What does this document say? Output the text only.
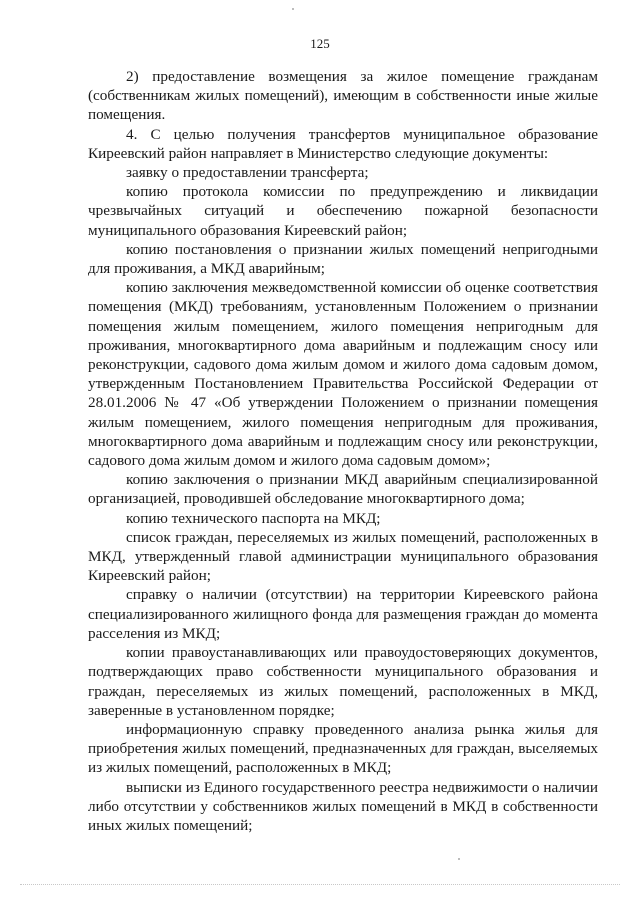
125

2) предоставление возмещения за жилое помещение гражданам (собственникам жилых помещений), имеющим в собственности иные жилые помещения.

4. С целью получения трансфертов муниципальное образование Киреевский район направляет в Министерство следующие документы:

заявку о предоставлении трансферта;

копию протокола комиссии по предупреждению и ликвидации чрезвычайных ситуаций и обеспечению пожарной безопасности муниципального образования Киреевский район;

копию постановления о признании жилых помещений непригодными для проживания, а МКД аварийным;

копию заключения межведомственной комиссии об оценке соответствия помещения (МКД) требованиям, установленным Положением о признании помещения жилым помещением, жилого помещения непригодным для проживания, многоквартирного дома аварийным и подлежащим сносу или реконструкции, садового дома жилым домом и жилого дома садовым домом, утвержденным Постановлением Правительства Российской Федерации от 28.01.2006 № 47 «Об утверждении Положением о признании помещения жилым помещением, жилого помещения непригодным для проживания, многоквартирного дома аварийным и подлежащим сносу или реконструкции, садового дома жилым домом и жилого дома садовым домом»;

копию заключения о признании МКД аварийным специализированной организацией, проводившей обследование многоквартирного дома;

копию технического паспорта на МКД;

список граждан, переселяемых из жилых помещений, расположенных в МКД, утвержденный главой администрации муниципального образования Киреевский район;

справку о наличии (отсутствии) на территории Киреевского района специализированного жилищного фонда для размещения граждан до момента расселения из МКД;

копии правоустанавливающих или правоудостоверяющих документов, подтверждающих право собственности муниципального образования и граждан, переселяемых из жилых помещений, расположенных в МКД, заверенные в установленном порядке;

информационную справку проведенного анализа рынка жилья для приобретения жилых помещений, предназначенных для граждан, выселяемых из жилых помещений, расположенных в МКД;

выписки из Единого государственного реестра недвижимости о наличии либо отсутствии у собственников жилых помещений в МКД в собственности иных жилых помещений;
